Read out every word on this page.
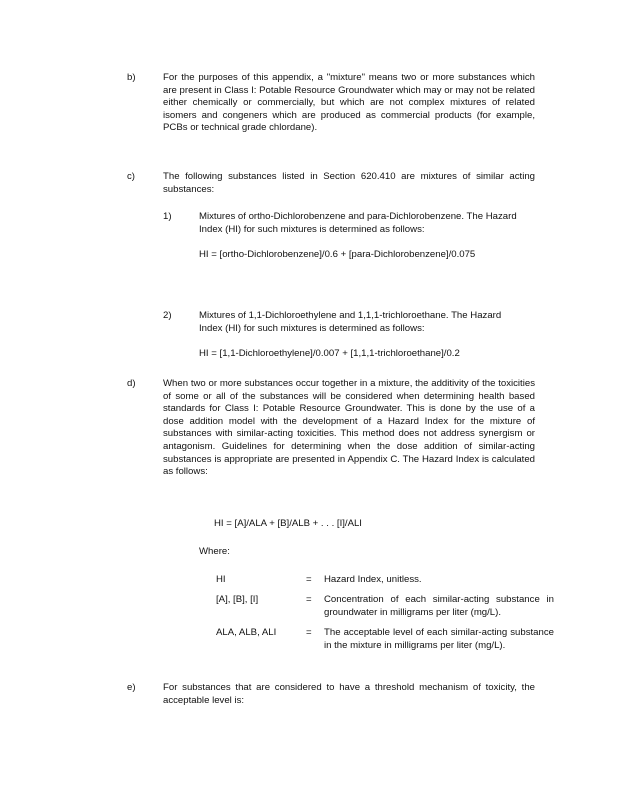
b)	For the purposes of this appendix, a "mixture" means two or more substances which are present in Class I: Potable Resource Groundwater which may or may not be related either chemically or commercially, but which are not complex mixtures of related isomers and congeners which are produced as commercial products (for example, PCBs or technical grade chlordane).
c)	The following substances listed in Section 620.410 are mixtures of similar acting substances:
1)	Mixtures of ortho-Dichlorobenzene and para-Dichlorobenzene. The Hazard Index (HI) for such mixtures is determined as follows:

HI = [ortho-Dichlorobenzene]/0.6 + [para-Dichlorobenzene]/0.075

2)	Mixtures of 1,1-Dichloroethylene and 1,1,1-trichloroethane. The Hazard Index (HI) for such mixtures is determined as follows:

HI = [1,1-Dichloroethylene]/0.007 + [1,1,1-trichloroethane]/0.2

d)	When two or more substances occur together in a mixture, the additivity of the toxicities of some or all of the substances will be considered when determining health based standards for Class I: Potable Resource Groundwater. This is done by the use of a dose addition model with the development of a Hazard Index for the mixture of substances with similar-acting toxicities. This method does not address synergism or antagonism. Guidelines for determining when the dose addition of similar-acting substances is appropriate are presented in Appendix C. The Hazard Index is calculated as follows:
HI = [A]/ALA + [B]/ALB + . . . [I]/ALI
Where:
HI	= Hazard Index, unitless.
[A], [B], [I]	= Concentration of each similar-acting substance in groundwater in milligrams per liter (mg/L).
ALA, ALB, ALI	= The acceptable level of each similar-acting substance in the mixture in milligrams per liter (mg/L).
e)	For substances that are considered to have a threshold mechanism of toxicity, the acceptable level is:
